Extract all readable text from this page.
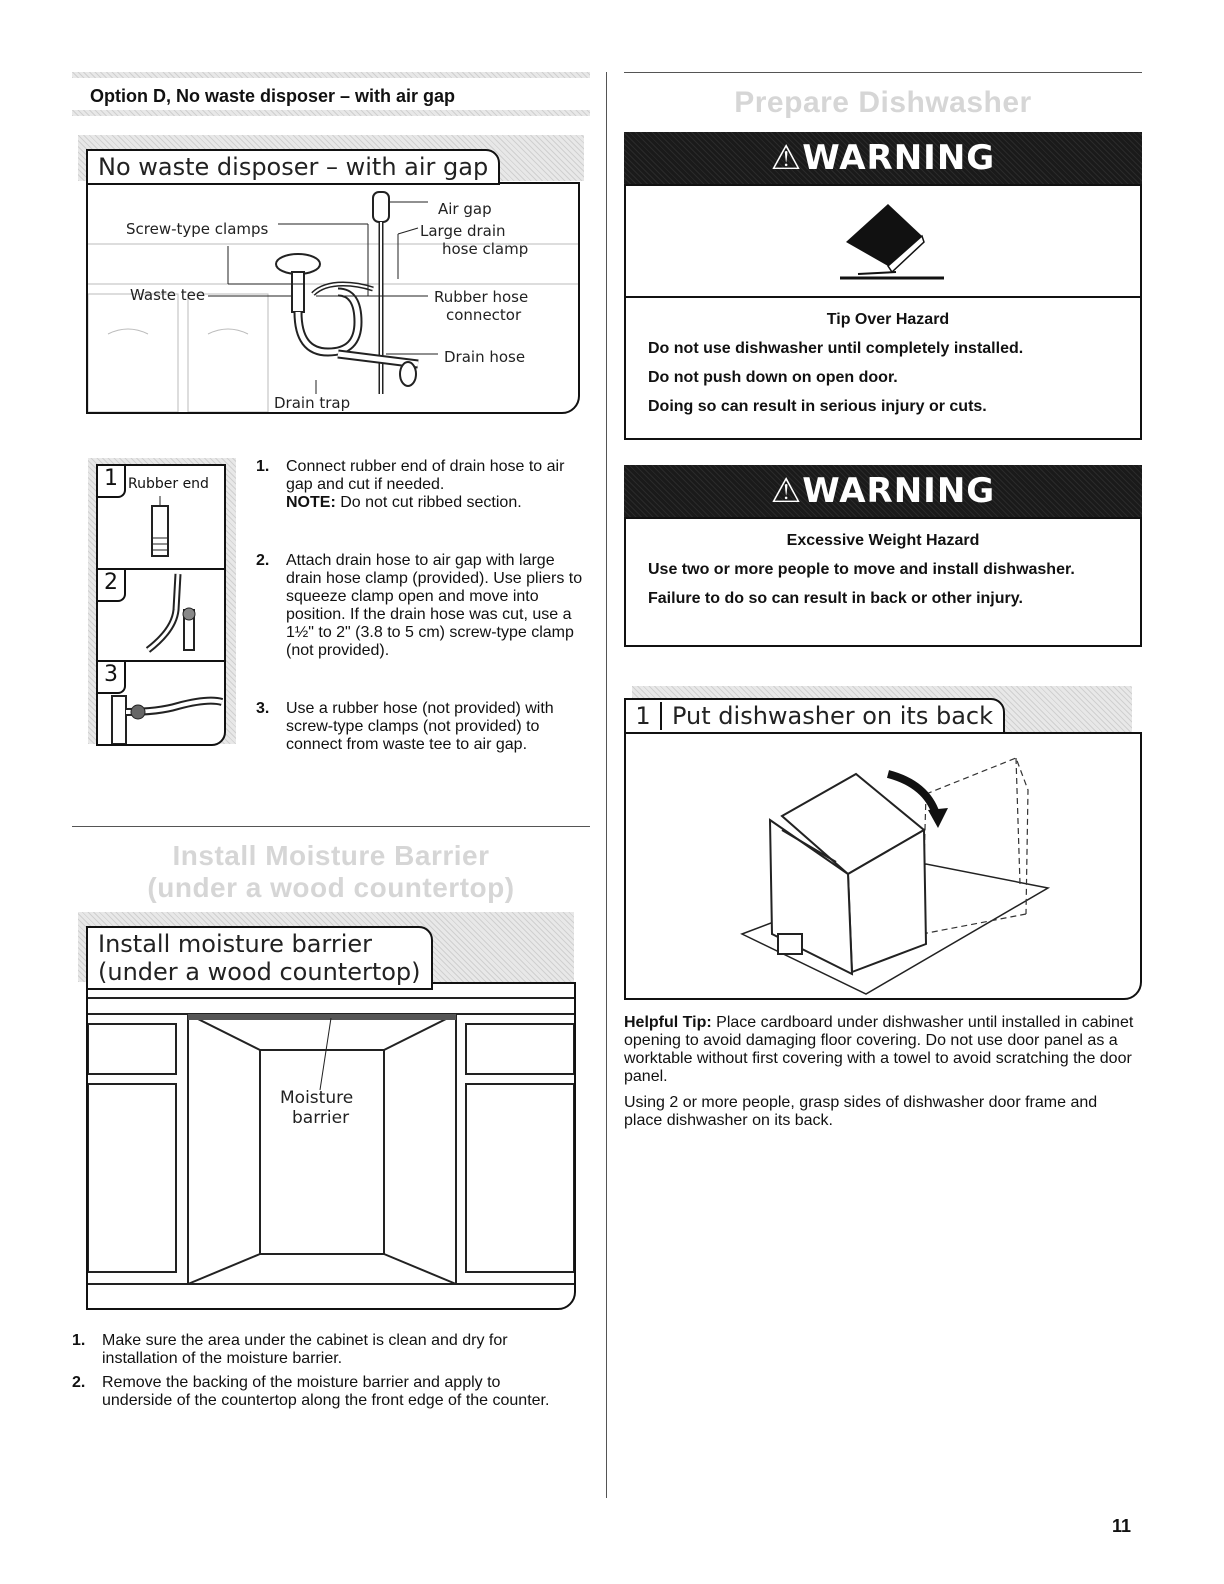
Option D, No waste disposer – with air gap
Air gap
Screw-type clamps	Large drain
hose clamp
Waste tee	Rubber hose
connector
Drain hose
Drain trap
No waste disposer – with air gap
1 Rubber end
2
3
1.	Connect rubber end of drain hose to air gap and cut if needed.
NOTE: Do not cut ribbed section.
2.	Attach drain hose to air gap with large drain hose clamp (provided). Use pliers to squeeze clamp open and move into position. If the drain hose was cut, use a 1½" to 2" (3.8 to 5 cm) screw-type clamp (not provided).
3.	Use a rubber hose (not provided) with screw-type clamps (not provided) to connect from waste tee to air gap.
Install Moisture Barrier
(under a wood countertop)
Moisture
barrier
Install moisture barrier
(under a wood countertop)
1.	Make sure the area under the cabinet is clean and dry for installation of the moisture barrier.
2.	Remove the backing of the moisture barrier and apply to underside of the countertop along the front edge of the counter.
Prepare Dishwasher
⚠WARNING

Tip Over Hazard

Do not use dishwasher until completely installed.

Do not push down on open door.

Doing so can result in serious injury or cuts.

⚠WARNING

Excessive Weight Hazard

Use two or more people to move and install dishwasher.

Failure to do so can result in back or other injury.

1 Put dishwasher on its back

Helpful Tip: Place cardboard under dishwasher until installed in cabinet opening to avoid damaging floor covering. Do not use door panel as a worktable without first covering with a towel to avoid scratching the door panel.

Using 2 or more people, grasp sides of dishwasher door frame and place dishwasher on its back.

11
